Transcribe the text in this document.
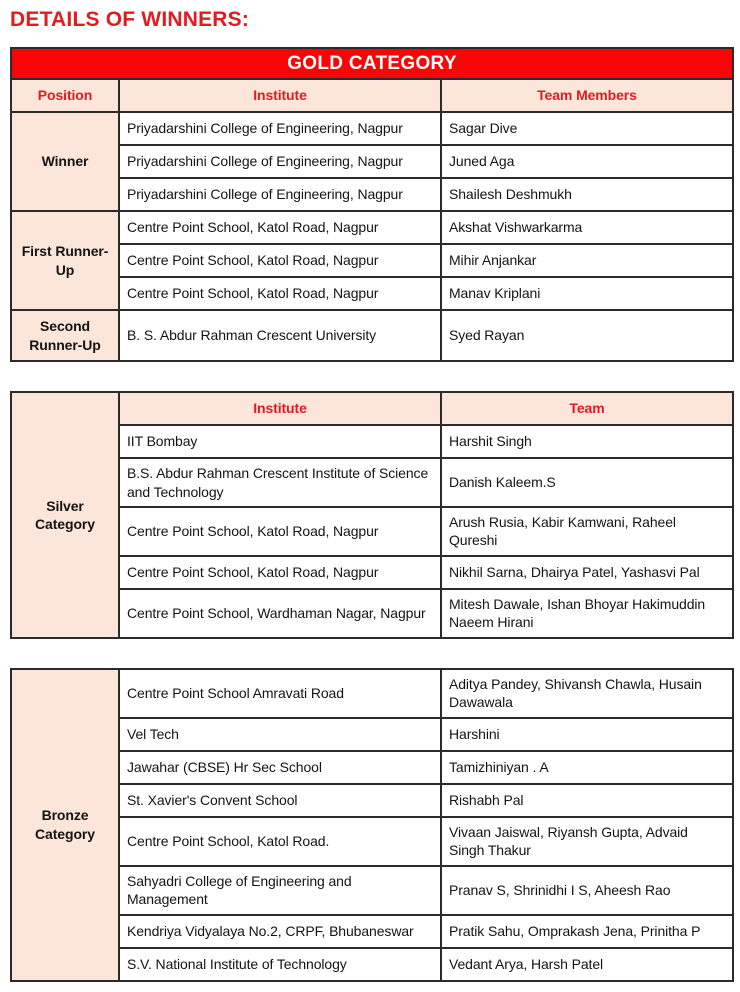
DETAILS OF WINNERS:
GOLD CATEGORY		
Position	Institute	Team Members
Winner	Priyadarshini College of Engineering, Nagpur	Sagar Dive
	Priyadarshini College of Engineering, Nagpur	Juned Aga
	Priyadarshini College of Engineering, Nagpur	Shailesh Deshmukh
First Runner-Up	Centre Point School, Katol Road, Nagpur	Akshat Vishwarkarma
	Centre Point School, Katol Road, Nagpur	Mihir Anjankar
	Centre Point School, Katol Road, Nagpur	Manav Kriplani
Second Runner-Up	B. S. Abdur Rahman Crescent University	Syed Rayan
Silver Category	Institute	Team
	IIT Bombay	Harshit Singh
	B.S. Abdur Rahman Crescent Institute of Science and Technology	Danish Kaleem.S
	Centre Point School, Katol Road, Nagpur	Arush Rusia, Kabir Kamwani, Raheel Qureshi
	Centre Point School, Katol Road, Nagpur	Nikhil Sarna, Dhairya Patel, Yashasvi Pal
	Centre Point School, Wardhaman Nagar, Nagpur	Mitesh Dawale, Ishan Bhoyar Hakimuddin Naeem Hirani
Bronze Category	Centre Point School Amravati Road	Aditya Pandey, Shivansh Chawla, Husain Dawawala
	Vel Tech	Harshini
	Jawahar (CBSE) Hr Sec School	Tamizhiniyan . A
	St. Xavier's Convent School	Rishabh Pal
	Centre Point School, Katol Road.	Vivaan Jaiswal, Riyansh Gupta, Advaid Singh Thakur
	Sahyadri College of Engineering and Management	Pranav S, Shrinidhi I S, Aheesh Rao
	Kendriya Vidyalaya No.2, CRPF, Bhubaneswar	Pratik Sahu, Omprakash Jena, Prinitha P
	S.V. National Institute of Technology	Vedant Arya, Harsh Patel
